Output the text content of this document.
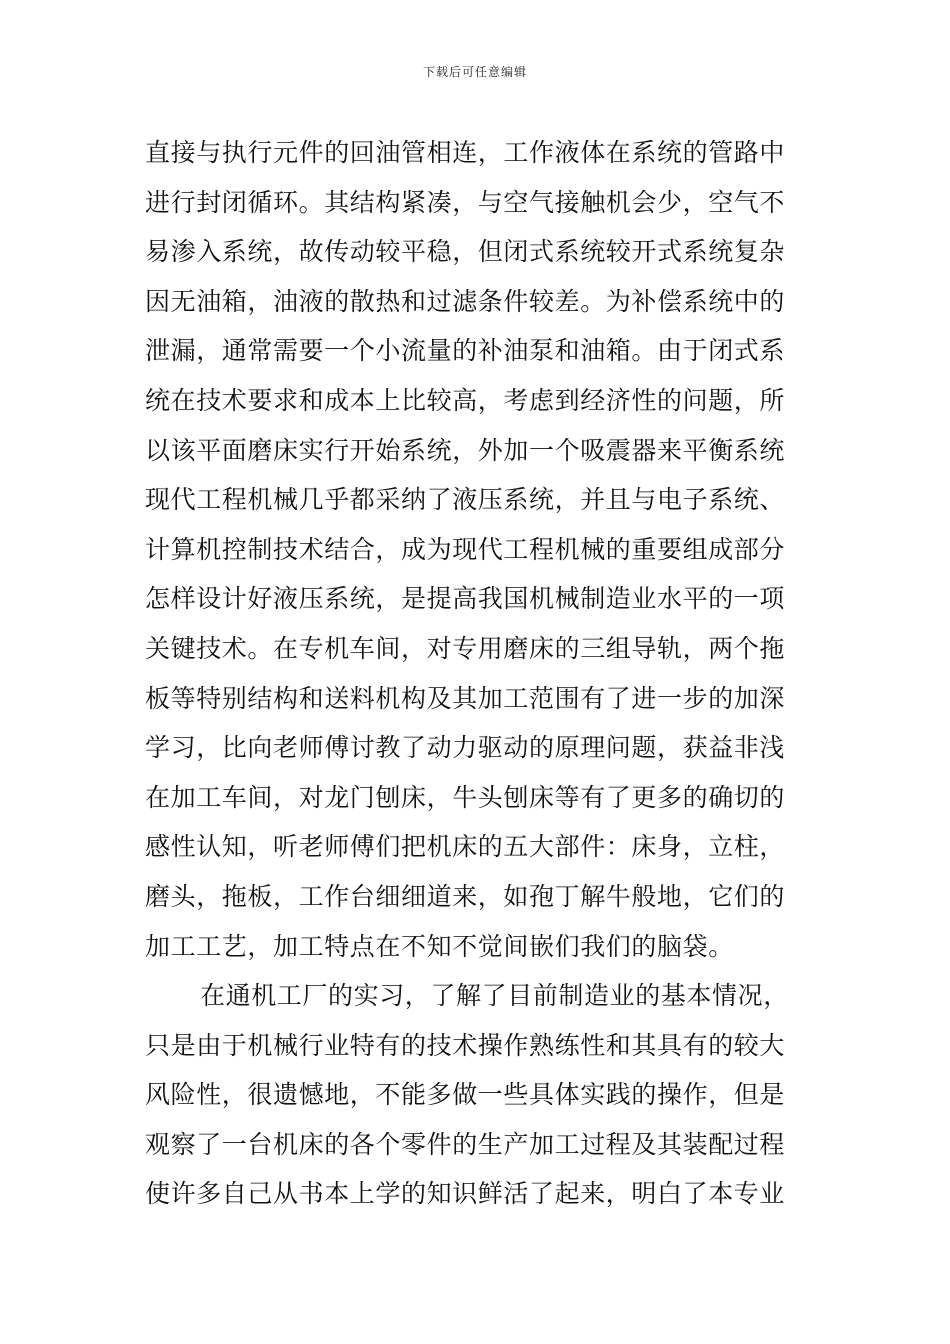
下载后可任意编辑
直接与执行元件的回油管相连，工作液体在系统的管路中
进行封闭循环。其结构紧凑，与空气接触机会少，空气不
易渗入系统，故传动较平稳，但闭式系统较开式系统复杂
因无油箱，油液的散热和过滤条件较差。为补偿系统中的
泄漏，通常需要一个小流量的补油泵和油箱。由于闭式系
统在技术要求和成本上比较高，考虑到经济性的问题，所
以该平面磨床实行开始系统，外加一个吸震器来平衡系统
现代工程机械几乎都采纳了液压系统，并且与电子系统、
计算机控制技术结合，成为现代工程机械的重要组成部分
怎样设计好液压系统，是提高我国机械制造业水平的一项
关键技术。在专机车间，对专用磨床的三组导轨，两个拖
板等特别结构和送料机构及其加工范围有了进一步的加深
学习，比向老师傅讨教了动力驱动的原理问题，获益非浅
在加工车间，对龙门刨床，牛头刨床等有了更多的确切的
感性认知，听老师傅们把机床的五大部件：床身，立柱，
磨头，拖板，工作台细细道来，如孢丁解牛般地，它们的
加工工艺，加工特点在不知不觉间嵌们我们的脑袋。
在通机工厂的实习，了解了目前制造业的基本情况，
只是由于机械行业特有的技术操作熟练性和其具有的较大
风险性，很遗憾地，不能多做一些具体实践的操作，但是
观察了一台机床的各个零件的生产加工过程及其装配过程
使许多自己从书本上学的知识鲜活了起来，明白了本专业
